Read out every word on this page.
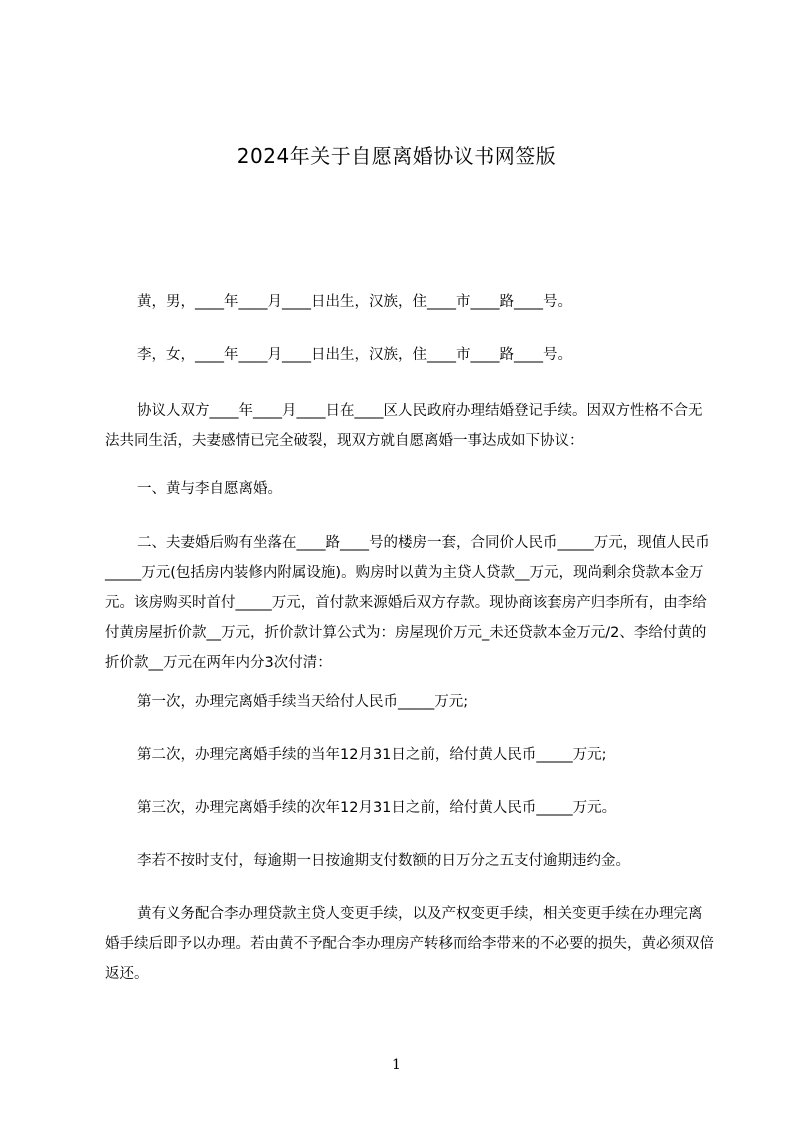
2024年关于自愿离婚协议书网签版

黄，男，____年____月____日出生，汉族，住____市____路____号。

李，女，____年____月____日出生，汉族，住____市____路____号。

协议人双方____年____月____日在____区人民政府办理结婚登记手续。因双方性格不合无法共同生活，夫妻感情已完全破裂，现双方就自愿离婚一事达成如下协议：

一、黄与李自愿离婚。

二、夫妻婚后购有坐落在____路____号的楼房一套，合同价人民币_____万元，现值人民币_____万元(包括房内装修内附属设施)。购房时以黄为主贷人贷款__万元，现尚剩余贷款本金万元。该房购买时首付_____万元，首付款来源婚后双方存款。现协商该套房产归李所有，由李给付黄房屋折价款__万元，折价款计算公式为：房屋现价万元_未还贷款本金万元/2、李给付黄的折价款__万元在两年内分3次付清：

第一次，办理完离婚手续当天给付人民币_____万元;

第二次，办理完离婚手续的当年12月31日之前，给付黄人民币_____万元;

第三次，办理完离婚手续的次年12月31日之前，给付黄人民币_____万元。

李若不按时支付，每逾期一日按逾期支付数额的日万分之五支付逾期违约金。

黄有义务配合李办理贷款主贷人变更手续，以及产权变更手续，相关变更手续在办理完离婚手续后即予以办理。若由黄不予配合李办理房产转移而给李带来的不必要的损失，黄必须双倍返还。

1
